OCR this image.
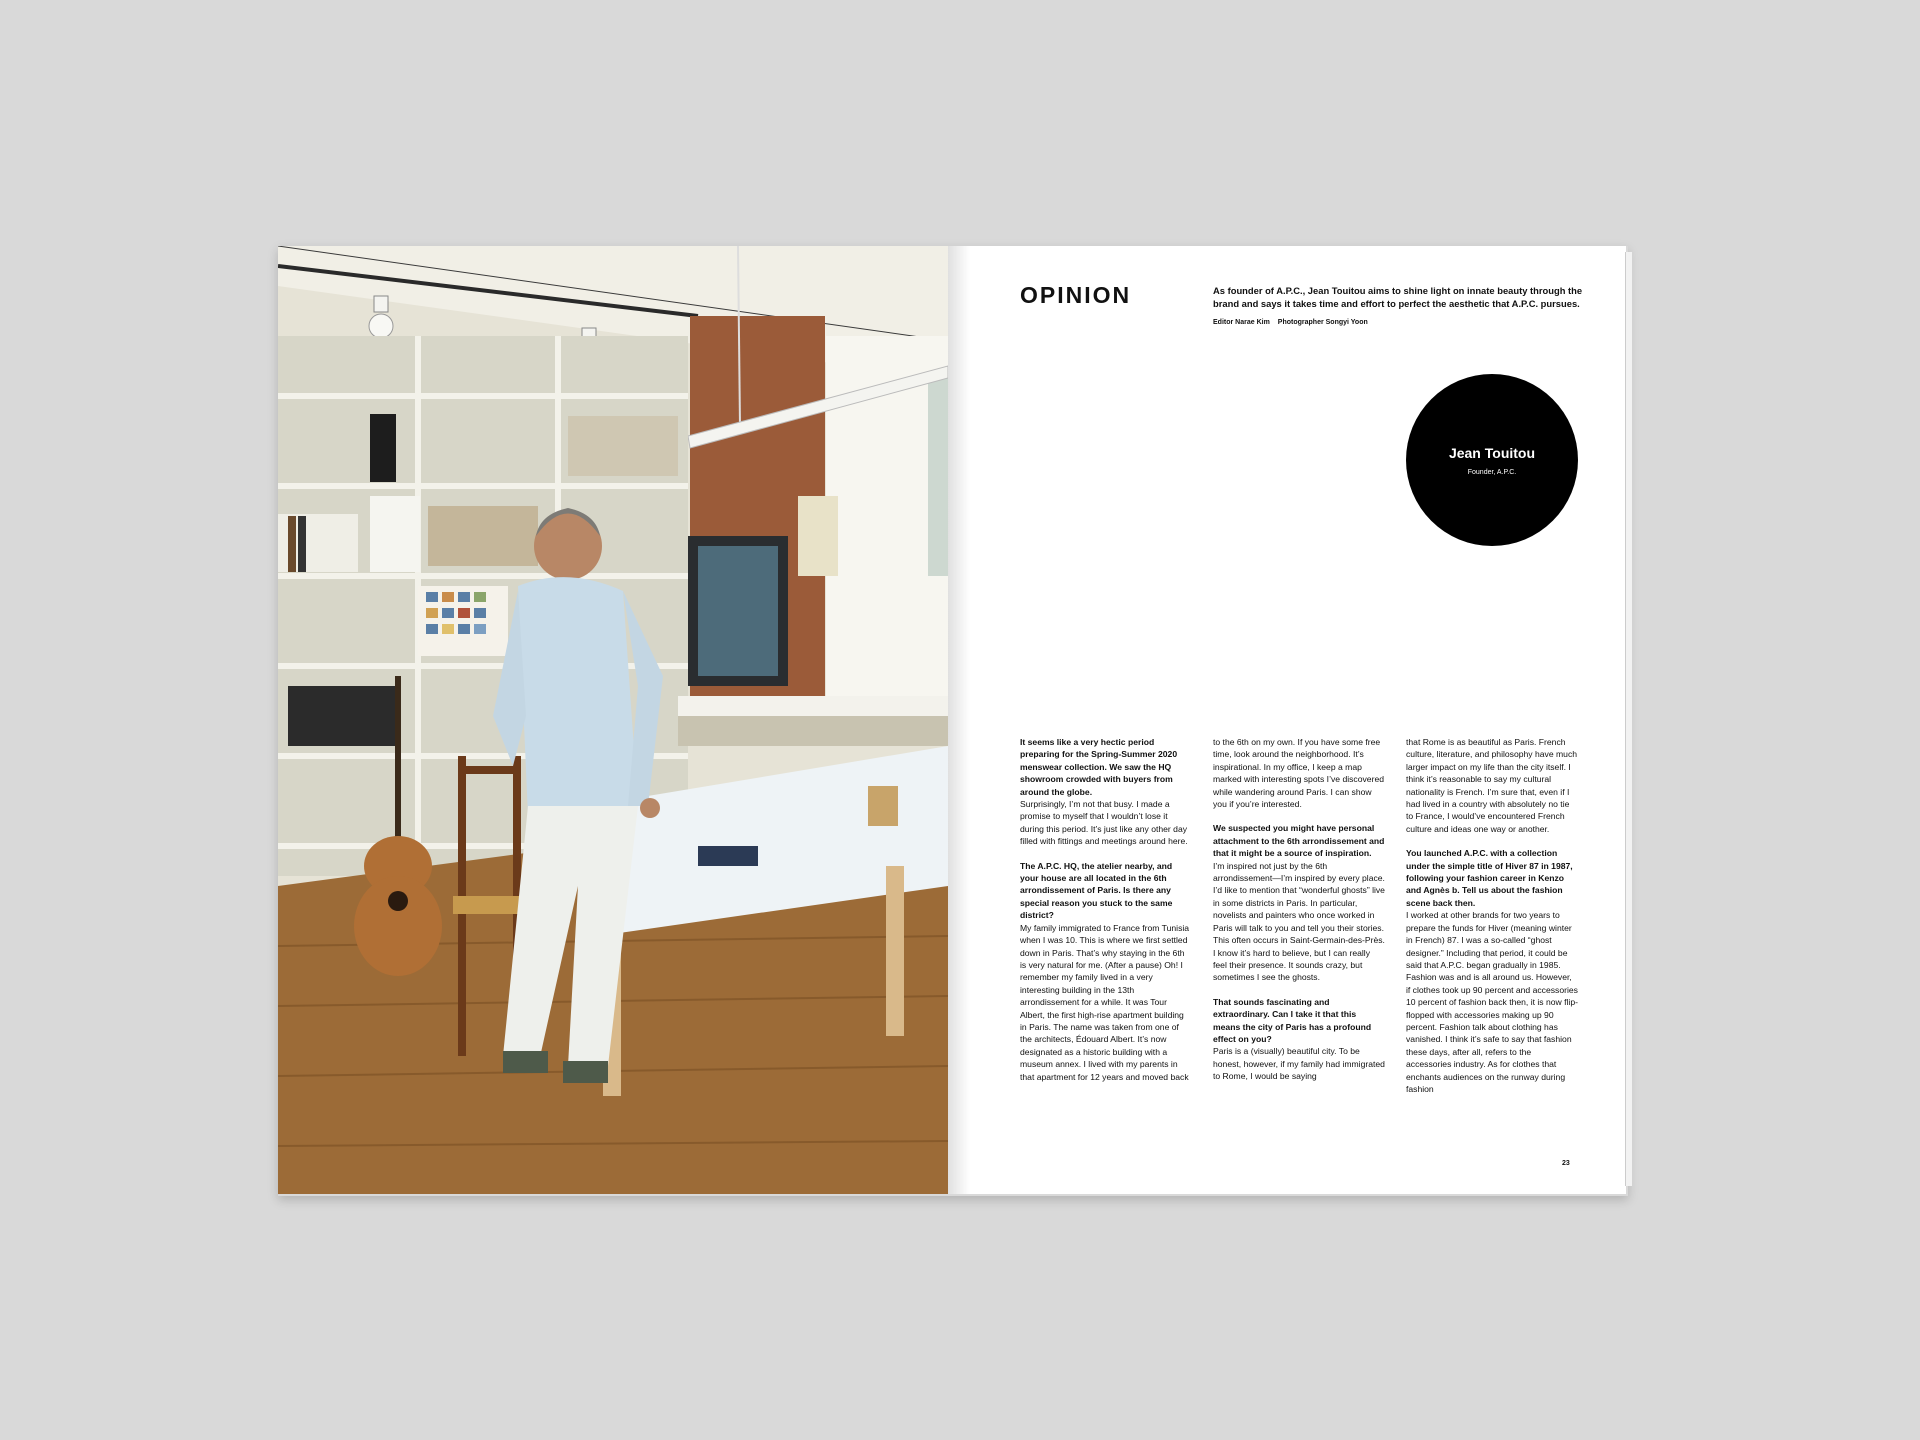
OPINION	As founder of A.P.C., Jean Touitou aims to shine light on innate beauty through the brand and says it takes time and effort to perfect the aesthetic that A.P.C. pursues.

Editor Narae Kim Photographer Songyi Yoon

Jean Touitou

Founder, A.P.C.

It seems like a very hectic period preparing for the Spring-Summer 2020 menswear collection. We saw the HQ showroom crowded with buyers from around the globe.
Surprisingly, I’m not that busy. I made a promise to myself that I wouldn’t lose it during this period. It’s just like any other day filled with fittings and meetings around here.

The A.P.C. HQ, the atelier nearby, and your house are all located in the 6th arrondissement of Paris. Is there any special reason you stuck to the same district?
My family immigrated to France from Tunisia when I was 10. This is where we first settled down in Paris. That’s why staying in the 6th is very natural for me. (After a pause) Oh! I remember my family lived in a very interesting building in the 13th arrondissement for a while. It was Tour Albert, the first high-rise apartment building in Paris. The name was taken from one of the architects, Édouard Albert. It’s now designated as a historic building with a museum annex. I lived with my parents in that apartment for 12 years and moved back

to the 6th on my own. If you have some free time, look around the neighborhood. It’s inspirational. In my office, I keep a map marked with interesting spots I’ve discovered while wandering around Paris. I can show you if you’re interested.

We suspected you might have personal attachment to the 6th arrondissement and that it might be a source of inspiration.
I’m inspired not just by the 6th arrondissement—I’m inspired by every place. I’d like to mention that “wonderful ghosts” live in some districts in Paris. In particular, novelists and painters who once worked in Paris will talk to you and tell you their stories. This often occurs in Saint-Germain-des-Près. I know it’s hard to believe, but I can really feel their presence. It sounds crazy, but sometimes I see the ghosts.

That sounds fascinating and extraordinary. Can I take it that this means the city of Paris has a profound effect on you?
Paris is a (visually) beautiful city. To be honest, however, if my family had immigrated to Rome, I would be saying

that Rome is as beautiful as Paris. French culture, literature, and philosophy have much larger impact on my life than the city itself. I think it’s reasonable to say my cultural nationality is French. I’m sure that, even if I had lived in a country with absolutely no tie to France, I would’ve encountered French culture and ideas one way or another.

You launched A.P.C. with a collection under the simple title of Hiver 87 in 1987, following your fashion career in Kenzo and Agnès b. Tell us about the fashion scene back then.
I worked at other brands for two years to prepare the funds for Hiver (meaning winter in French) 87. I was a so-called “ghost designer.” Including that period, it could be said that A.P.C. began gradually in 1985. Fashion was and is all around us. However, if clothes took up 90 percent and accessories 10 percent of fashion back then, it is now flip-flopped with accessories making up 90 percent. Fashion talk about clothing has vanished. I think it’s safe to say that fashion these days, after all, refers to the accessories industry. As for clothes that enchants audiences on the runway during fashion

23
